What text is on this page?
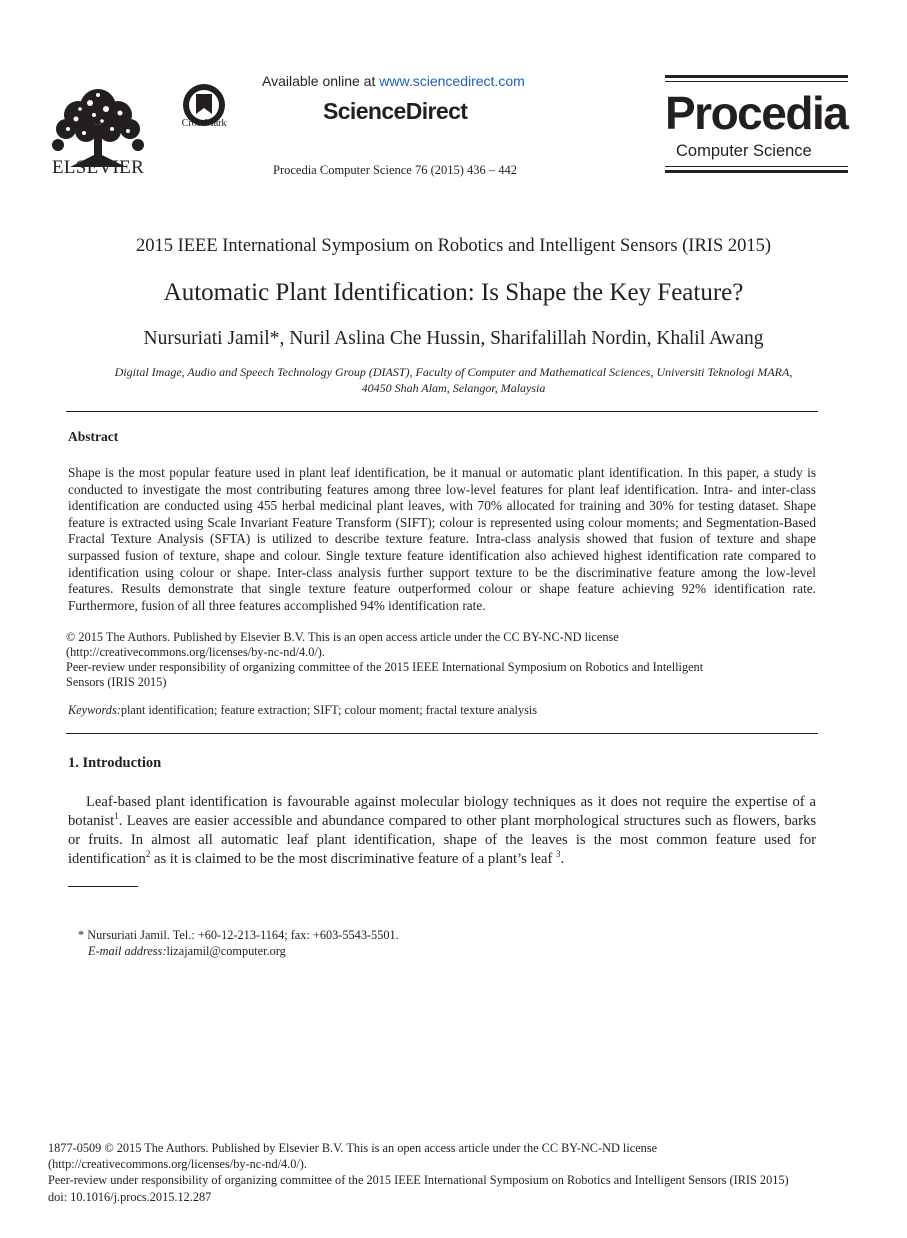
ELSEVIER
CrossMark
Available online at www.sciencedirect.com
ScienceDirect
Procedia Computer Science 76 (2015) 436 – 442
Procedia
Computer Science
2015 IEEE International Symposium on Robotics and Intelligent Sensors (IRIS 2015)
Automatic Plant Identification: Is Shape the Key Feature?
Nursuriati Jamil*, Nuril Aslina Che Hussin, Sharifalillah Nordin, Khalil Awang
Digital Image, Audio and Speech Technology Group (DIAST), Faculty of Computer and Mathematical Sciences, Universiti Teknologi MARA,
40450 Shah Alam, Selangor, Malaysia
Abstract
Shape is the most popular feature used in plant leaf identification, be it manual or automatic plant identification. In this paper, a study is conducted to investigate the most contributing features among three low-level features for plant leaf identification. Intra- and inter-class identification are conducted using 455 herbal medicinal plant leaves, with 70% allocated for training and 30% for testing dataset. Shape feature is extracted using Scale Invariant Feature Transform (SIFT); colour is represented using colour moments; and Segmentation-Based Fractal Texture Analysis (SFTA) is utilized to describe texture feature. Intra-class analysis showed that fusion of texture and shape surpassed fusion of texture, shape and colour. Single texture feature identification also achieved highest identification rate compared to identification using colour or shape. Inter-class analysis further support texture to be the discriminative feature among the low-level features. Results demonstrate that single texture feature outperformed colour or shape feature achieving 92% identification rate. Furthermore, fusion of all three features accomplished 94% identification rate.
© 2015 The Authors. Published by Elsevier B.V. This is an open access article under the CC BY-NC-ND license
(http://creativecommons.org/licenses/by-nc-nd/4.0/).
Peer-review under responsibility of organizing committee of the 2015 IEEE International Symposium on Robotics and Intelligent
Sensors (IRIS 2015)
Keywords:plant identification; feature extraction; SIFT; colour moment; fractal texture analysis
1. Introduction
Leaf-based plant identification is favourable against molecular biology techniques as it does not require the expertise of a botanist$^1$. Leaves are easier accessible and abundance compared to other plant morphological structures such as flowers, barks or fruits. In almost all automatic leaf plant identification, shape of the leaves is the most common feature used for identification$^2$ as it is claimed to be the most discriminative feature of a plant’s leaf $^3$.
* Nursuriati Jamil. Tel.: +60-12-213-1164; fax: +603-5543-5501.
E-mail address:lizajamil@computer.org
1877-0509 © 2015 The Authors. Published by Elsevier B.V. This is an open access article under the CC BY-NC-ND license
(http://creativecommons.org/licenses/by-nc-nd/4.0/).
Peer-review under responsibility of organizing committee of the 2015 IEEE International Symposium on Robotics and Intelligent Sensors (IRIS 2015)
doi: 10.1016/j.procs.2015.12.287
